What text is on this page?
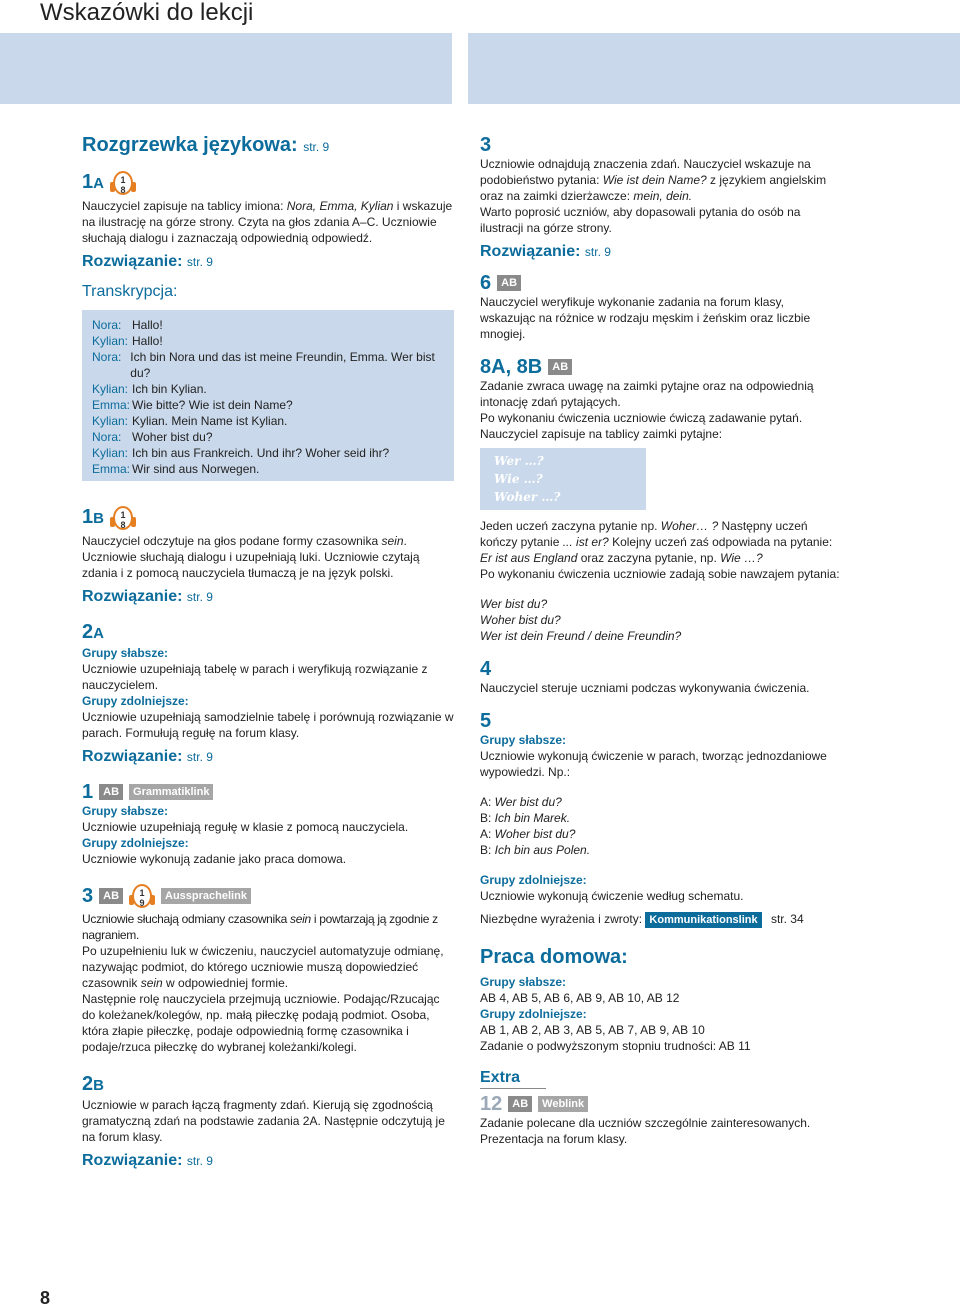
Wskazówki do lekcji
Rozgrzewka językowa: str. 9
1A	1
8

Nauczyciel zapisuje na tablicy imiona: Nora, Emma, Kylian i wskazuje na ilustrację na górze strony. Czyta na głos zdania A–C. Uczniowie słuchają dialogu i zaznaczają odpowiednią odpowiedź.

Rozwiązanie: str. 9

Transkrypcja:

Nora: Hallo!
Kylian: Hallo!
Nora: Ich bin Nora und das ist meine Freundin, Emma. Wer bist du?
Kylian: Ich bin Kylian.
Emma: Wie bitte? Wie ist dein Name?
Kylian: Kylian. Mein Name ist Kylian.
Nora: Woher bist du?
Kylian: Ich bin aus Frankreich. Und ihr? Woher seid ihr?
Emma: Wir sind aus Norwegen.
1B	1
8

Nauczyciel odczytuje na głos podane formy czasownika sein. Uczniowie słuchają dialogu i uzupełniają luki. Uczniowie czytają zdania i z pomocą nauczyciela tłumaczą je na język polski.

Rozwiązanie: str. 9

2A

Grupy słabsze:

Uczniowie uzupełniają tabelę w parach i weryfikują rozwiązanie z nauczycielem.

Grupy zdolniejsze:

Uczniowie uzupełniają samodzielnie tabelę i porównują rozwiązanie w parach. Formułują regułę na forum klasy.

Rozwiązanie: str. 9

1 AB	Grammatiklink

Grupy słabsze:

Uczniowie uzupełniają regułę w klasie z pomocą nauczyciela.

Grupy zdolniejsze:

Uczniowie wykonują zadanie jako praca domowa.

3 AB	1
9
Aussprachelink

Uczniowie słuchają odmiany czasownika sein i powtarzają ją zgodnie z nagraniem.

Po uzupełnieniu luk w ćwiczeniu, nauczyciel automatyzuje odmianę, nazywając podmiot, do którego uczniowie muszą dopowiedzieć czasownik sein w odpowiedniej formie.

Następnie rolę nauczyciela przejmują uczniowie. Podając/Rzucając do koleżanek/kolegów, np. małą piłeczkę podają podmiot. Osoba, która złapie piłeczkę, podaje odpowiednią formę czasownika i podaje/rzuca piłeczkę do wybranej koleżanki/kolegi.

2B

Uczniowie w parach łączą fragmenty zdań. Kierują się zgodnością gramatyczną zdań na podstawie zadania 2A. Następnie odczytują je na forum klasy.

Rozwiązanie: str. 9

3

Uczniowie odnajdują znaczenia zdań. Nauczyciel wskazuje na podobieństwo pytania: Wie ist dein Name? z językiem angielskim oraz na zaimki dzierżawcze: mein, dein.

Warto poprosić uczniów, aby dopasowali pytania do osób na ilustracji na górze strony.

Rozwiązanie: str. 9

6 AB

Nauczyciel weryfikuje wykonanie zadania na forum klasy, wskazując na różnice w rodzaju męskim i żeńskim oraz liczbie mnogiej.

8A, 8B AB

Zadanie zwraca uwagę na zaimki pytajne oraz na odpowiednią intonację zdań pytających.

Po wykonaniu ćwiczenia uczniowie ćwiczą zadawanie pytań. Nauczyciel zapisuje na tablicy zaimki pytajne:

Wer …?

Wie …?

Woher …?

Jeden uczeń zaczyna pytanie np. Woher… ? Następny uczeń kończy pytanie ... ist er? Kolejny uczeń zaś odpowiada na pytanie: Er ist aus England oraz zaczyna pytanie, np. Wie …?

Po wykonaniu ćwiczenia uczniowie zadają sobie nawzajem pytania:

Wer bist du?

Woher bist du?

Wer ist dein Freund / deine Freundin?

4

Nauczyciel steruje uczniami podczas wykonywania ćwiczenia.

5

Grupy słabsze:

Uczniowie wykonują ćwiczenie w parach, tworząc jednozdaniowe wypowiedzi. Np.:

A: Wer bist du?

B: Ich bin Marek.

A: Woher bist du?

B: Ich bin aus Polen.

Grupy zdolniejsze:

Uczniowie wykonują ćwiczenie według schematu.

Niezbędne wyrażenia i zwroty: Kommunikationslink str. 34

Praca domowa:

Grupy słabsze:

AB 4, AB 5, AB 6, AB 9, AB 10, AB 12

Grupy zdolniejsze:

AB 1, AB 2, AB 3, AB 5, AB 7, AB 9, AB 10

Zadanie o podwyższonym stopniu trudności: AB 11

Extra
12 AB	Weblink

Zadanie polecane dla uczniów szczególnie zainteresowanych.

Prezentacja na forum klasy.

8
